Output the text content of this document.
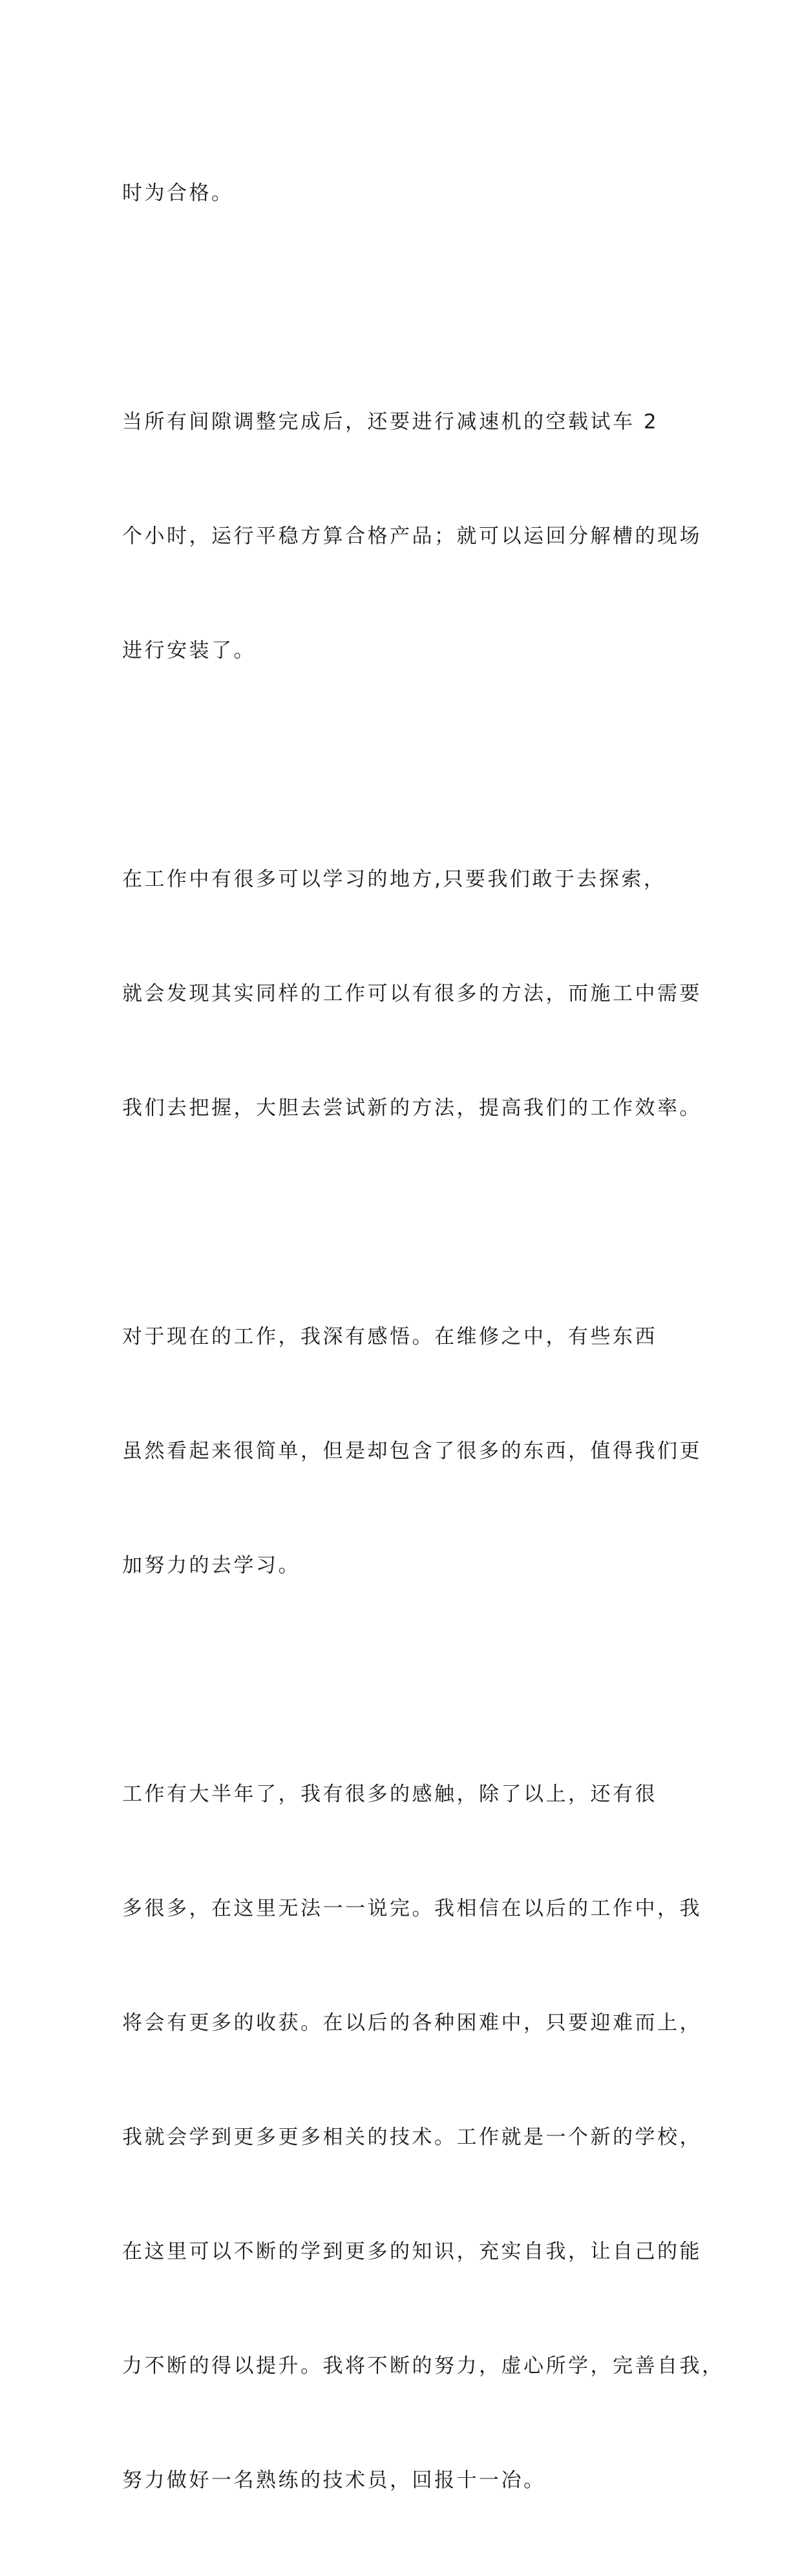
时为合格。

当所有间隙调整完成后，还要进行减速机的空载试车 2

个小时，运行平稳方算合格产品；就可以运回分解槽的现场

进行安装了。

在工作中有很多可以学习的地方,只要我们敢于去探索，

就会发现其实同样的工作可以有很多的方法，而施工中需要

我们去把握，大胆去尝试新的方法，提高我们的工作效率。

对于现在的工作，我深有感悟。在维修之中，有些东西

虽然看起来很简单，但是却包含了很多的东西，值得我们更

加努力的去学习。

工作有大半年了，我有很多的感触，除了以上，还有很

多很多，在这里无法一一说完。我相信在以后的工作中，我

将会有更多的收获。在以后的各种困难中，只要迎难而上，

我就会学到更多更多相关的技术。工作就是一个新的学校，

在这里可以不断的学到更多的知识，充实自我，让自己的能

力不断的得以提升。我将不断的努力，虚心所学，完善自我，

努力做好一名熟练的技术员，回报十一冶。
